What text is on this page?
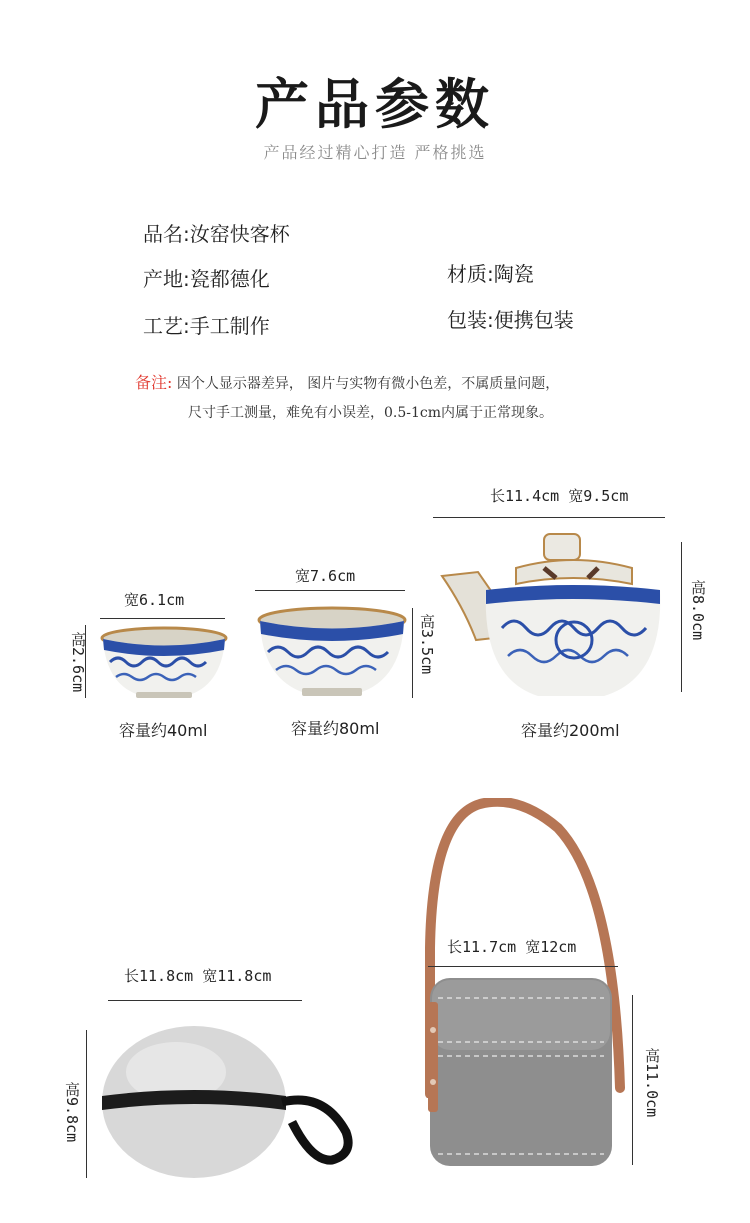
产品参数
产品经过精心打造 严格挑选
品名:汝窑快客杯
产地:瓷都德化
工艺:手工制作
材质:陶瓷
包装:便携包装
备注: 因个人显示器差异， 图片与实物有微小色差，不属质量问题，
尺寸手工测量，难免有小误差，0.5-1cm内属于正常现象。
宽6.1cm
高2.6cm
容量约40ml
宽7.6cm
高3.5cm
容量约80ml
长11.4cm 宽9.5cm
高8.0cm
容量约200ml
长11.8cm 宽11.8cm
高9.8cm
长11.7cm 宽12cm
高11.0cm
